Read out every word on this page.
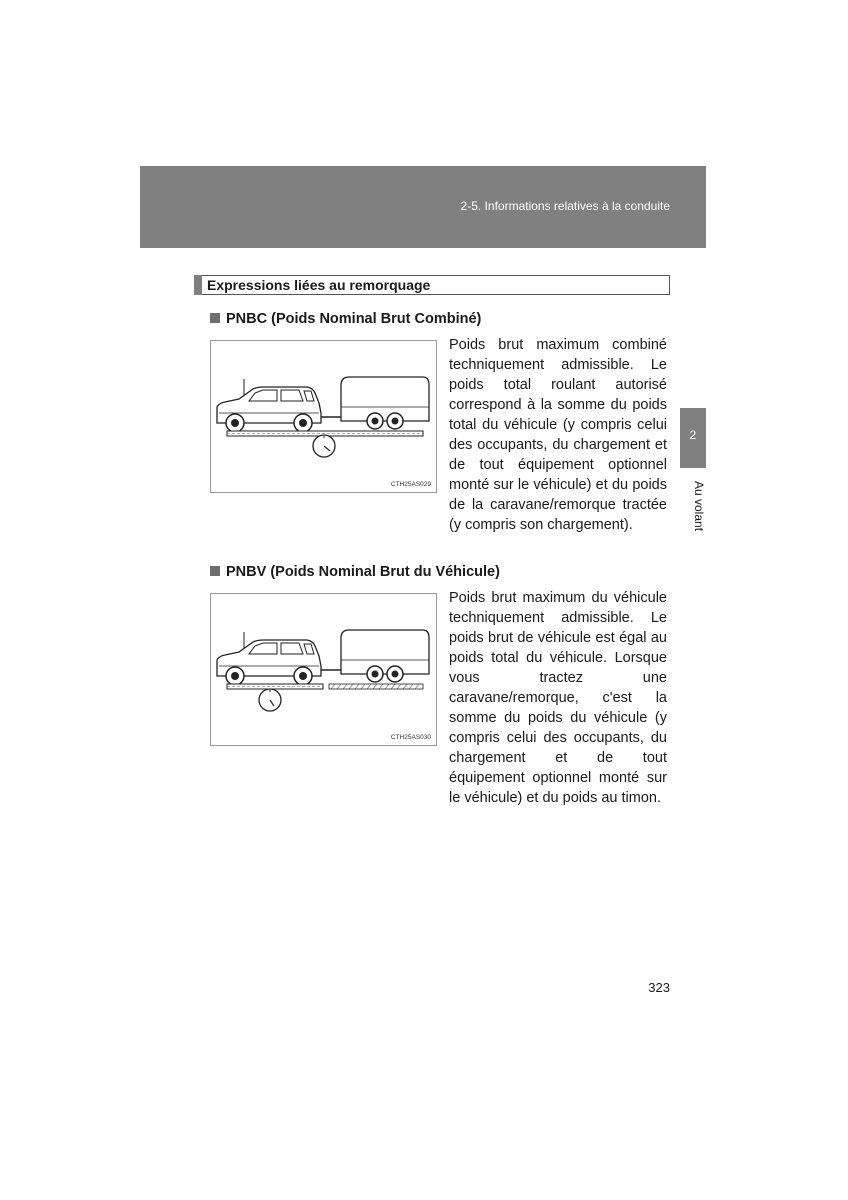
2-5. Informations relatives à la conduite
2
Au volant
Expressions liées au remorquage
PNBC (Poids Nominal Brut Combiné)
CTH25AS029
Poids brut maximum combiné techniquement admissible. Le poids total roulant autorisé correspond à la somme du poids total du véhicule (y compris celui des occupants, du chargement et de tout équipement optionnel monté sur le véhicule) et du poids de la caravane/remorque tractée (y compris son chargement).
PNBV (Poids Nominal Brut du Véhicule)
CTH25AS030
Poids brut maximum du véhicule techniquement admissible. Le poids brut de véhicule est égal au poids total du véhicule. Lorsque vous tractez une caravane/remorque, c'est la somme du poids du véhicule (y compris celui des occupants, du chargement et de tout équipement optionnel monté sur le véhicule) et du poids au timon.
323
